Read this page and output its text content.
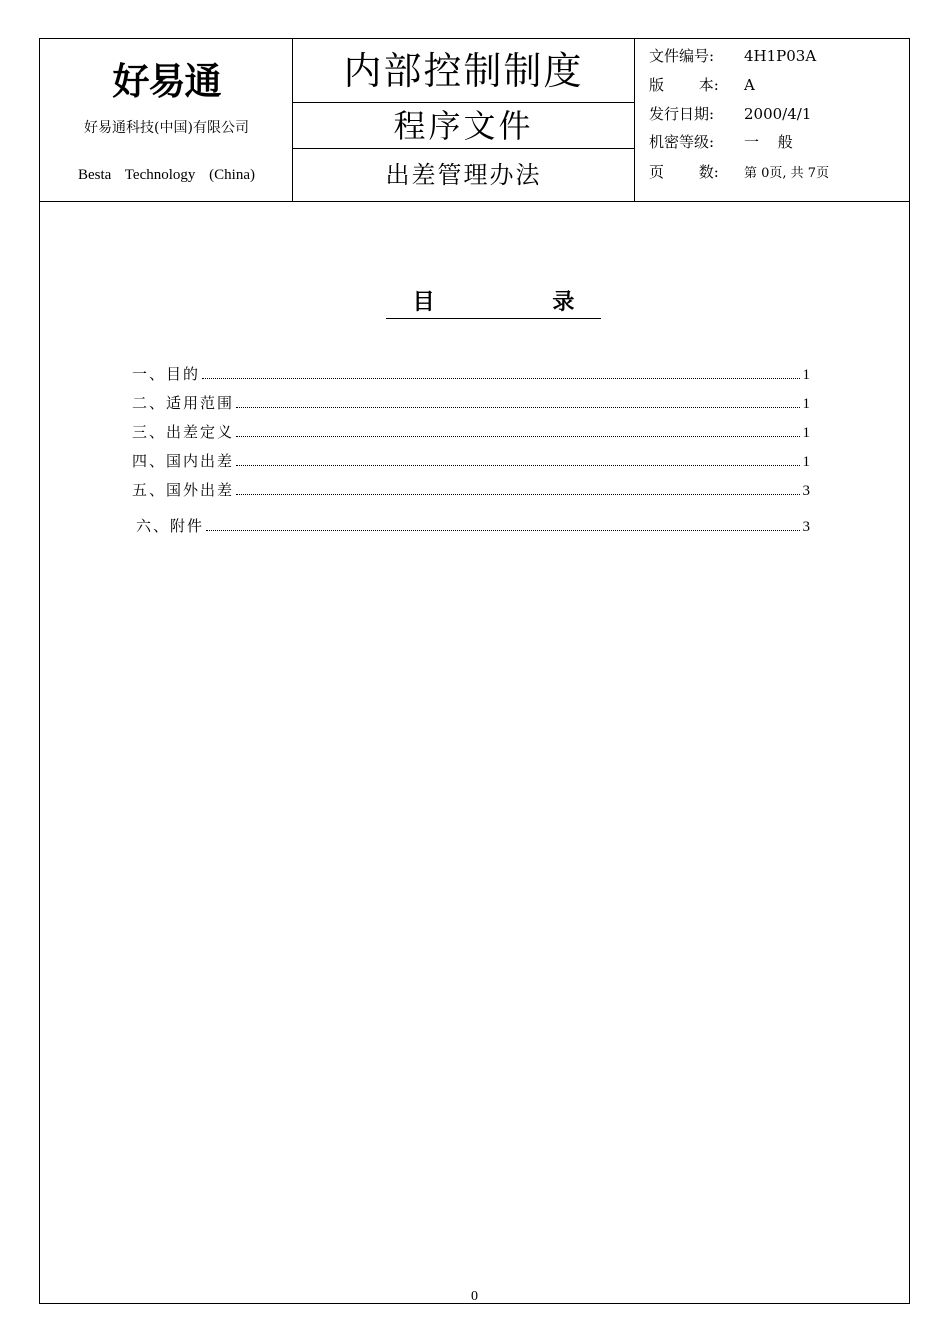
好易通
好易通科技(中国)有限公司
Besta Technology (China)
内部控制制度
程序文件
出差管理办法
文件编号: 4H1P03A
版 本: A
发行日期: 2000/4/1
机密等级: 一 般
页 数: 第 0页, 共 7页
目 录
一、目的	1
二、适用范围	1
三、出差定义	1
四、国内出差	1
五、国外出差	3
六、附件	3
0
